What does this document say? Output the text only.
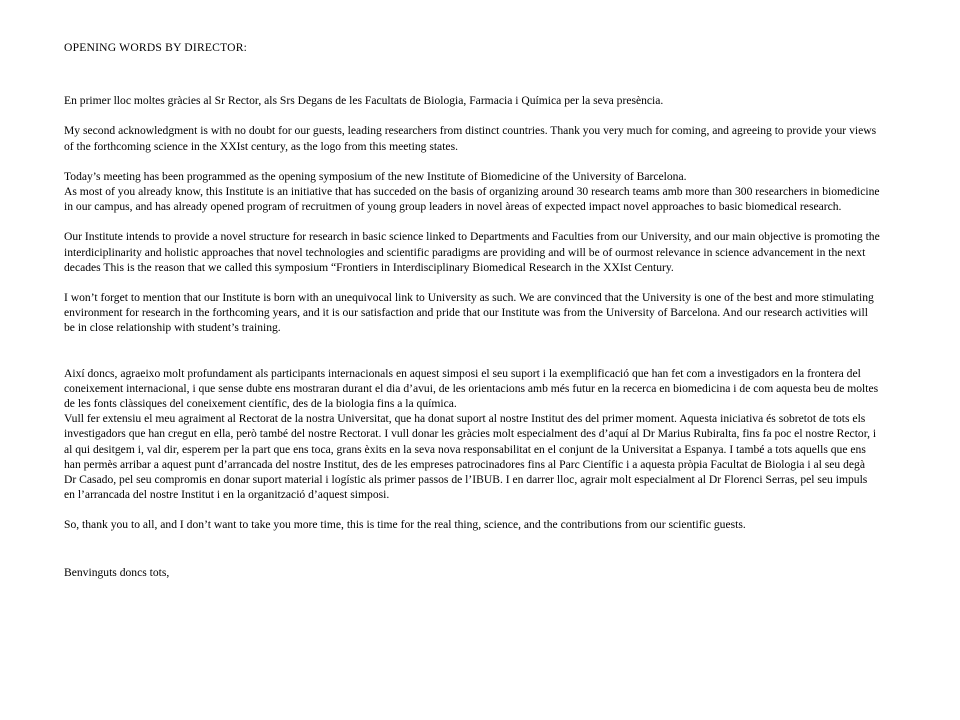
OPENING WORDS BY DIRECTOR:

En primer lloc moltes gràcies al Sr Rector, als Srs Degans de les Facultats de Biologia, Farmacia i Química per la seva presència.

My second acknowledgment is with no doubt for our guests, leading researchers from distinct countries. Thank you very much for coming, and agreeing to provide your views of the forthcoming science in the XXIst century, as the logo from this meeting states.

Today’s meeting has been programmed as the opening symposium of the new Institute of Biomedicine of the University of Barcelona.

As most of you already know, this Institute is an initiative that has succeded on the basis of organizing around 30 research teams amb more than 300 researchers in biomedicine in our campus, and has already opened program of recruitmen of young group leaders in novel àreas of expected impact novel approaches to basic biomedical research.

Our Institute intends to provide a novel structure for research in basic science linked to Departments and Faculties from our University, and our main objective is promoting the interdiciplinarity and holistic approaches that novel technologies and scientific paradigms are providing and will be of ourmost relevance in science advancement in the next decades This is the reason that we called this symposium “Frontiers in Interdisciplinary Biomedical Research in the XXIst Century.

I won’t forget to mention that our Institute is born with an unequivocal link to University as such. We are convinced that the University is one of the best and more stimulating environment for research in the forthcoming years, and it is our satisfaction and pride that our Institute was from the University of Barcelona. And our research activities will be in close relationship with student’s training.

Així doncs, agraeixo molt profundament als participants internacionals en aquest simposi el seu suport i la exemplificació que han fet com a investigadors en la frontera del coneixement internacional, i que sense dubte ens mostraran durant el dia d’avui, de les orientacions amb més futur en la recerca en biomedicina i de com aquesta beu de moltes de les fonts clàssiques del coneixement científic, des de la biologia fins a la química.

Vull fer extensiu el meu agraiment al Rectorat de la nostra Universitat, que ha donat suport al nostre Institut des del primer moment. Aquesta iniciativa és sobretot de tots els investigadors que han cregut en ella, però també del nostre Rectorat. I vull donar les gràcies molt especialment des d’aquí al Dr Marius Rubiralta, fins fa poc el nostre Rector, i al qui desitgem i, val dir, esperem per la part que ens toca, grans èxits en la seva nova responsabilitat en el conjunt de la Universitat a Espanya. I també a tots aquells que ens han permès arribar a aquest punt d’arrancada del nostre Institut, des de les empreses patrocinadores fins al Parc Científic i a aquesta pròpia Facultat de Biologia i al seu degà Dr Casado, pel seu compromis en donar suport material i logístic als primer passos de l’IBUB. I en darrer lloc, agrair molt especialment al Dr Florenci Serras, pel seu impuls en l’arrancada del nostre Institut i en la organització d’aquest simposi.

So, thank you to all, and I don’t want to take you more time, this is time for the real thing, science, and the contributions from our scientific guests.

Benvinguts doncs tots,
